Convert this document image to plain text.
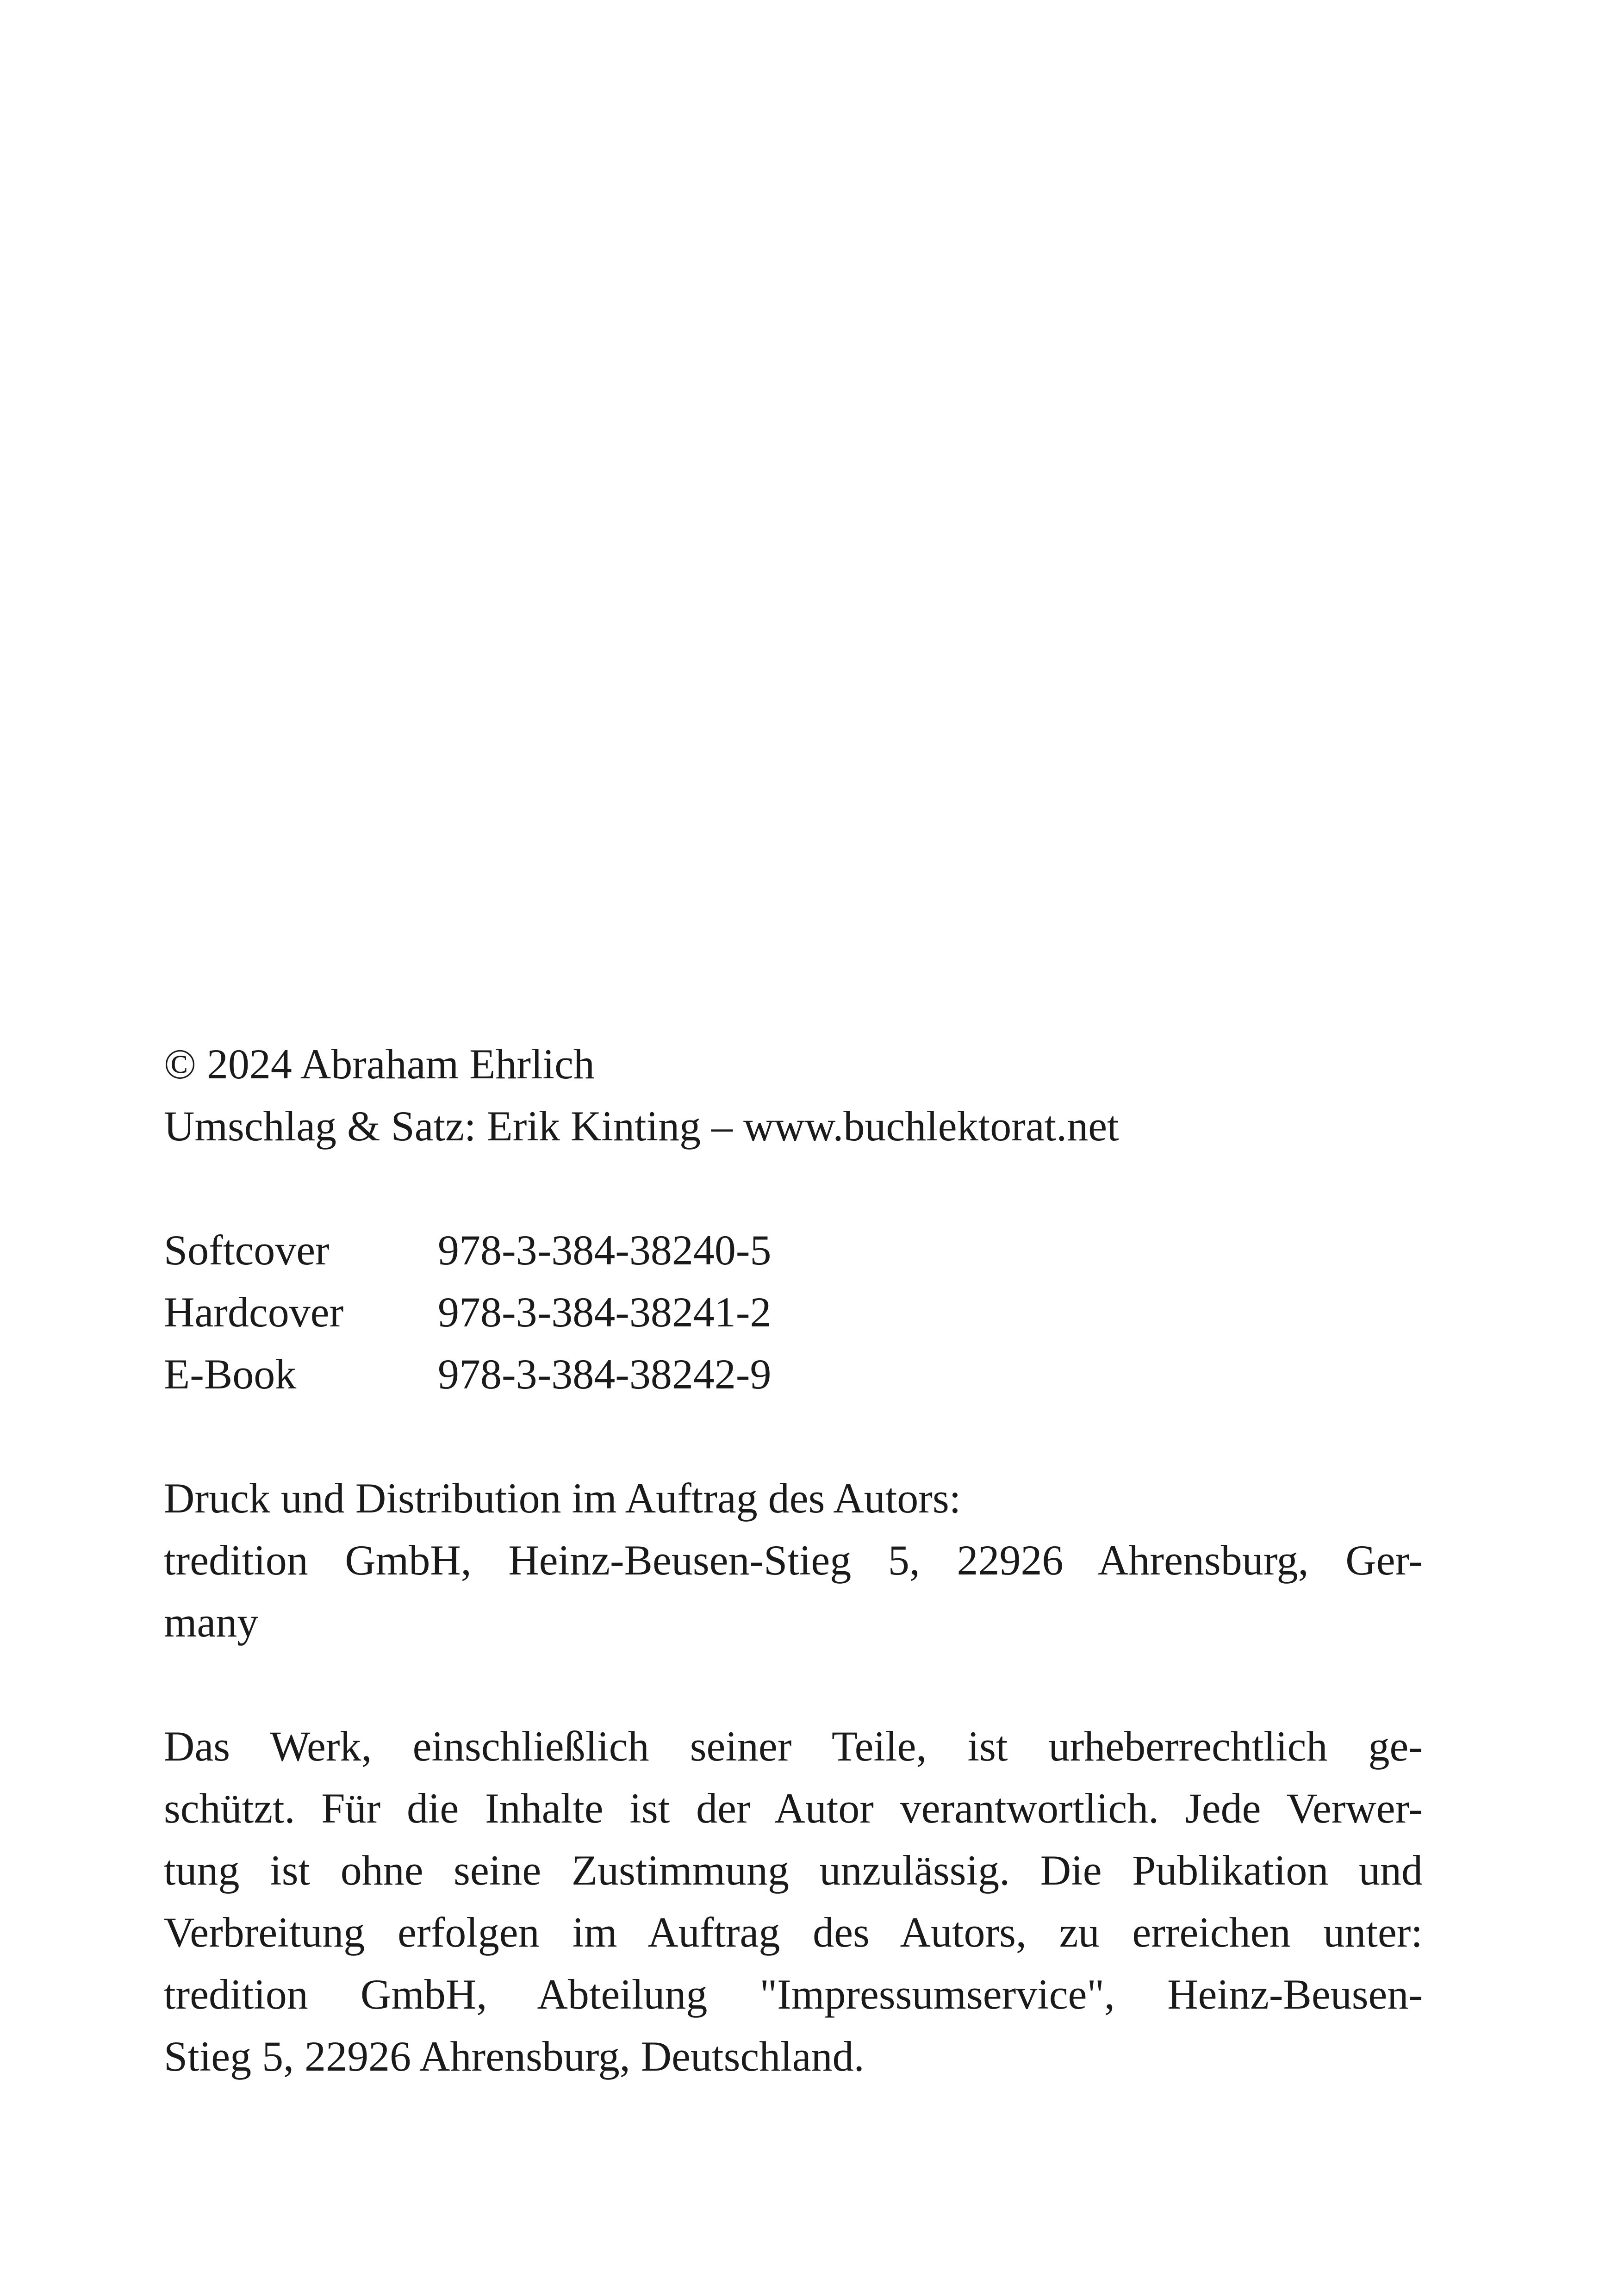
© 2024 Abraham Ehrlich
Umschlag & Satz: Erik Kinting – www.buchlektorat.net
Softcover	978-3-384-38240-5
Hardcover	978-3-384-38241-2
E-Book	978-3-384-38242-9
Druck und Distribution im Auftrag des Autors:
tredition GmbH, Heinz-Beusen-Stieg 5, 22926 Ahrensburg, Ger-
many
Das Werk, einschließlich seiner Teile, ist urheberrechtlich ge-
schützt. Für die Inhalte ist der Autor verantwortlich. Jede Verwer-
tung ist ohne seine Zustimmung unzulässig. Die Publikation und
Verbreitung erfolgen im Auftrag des Autors, zu erreichen unter:
tredition GmbH, Abteilung "Impressumservice", Heinz-Beusen-
Stieg 5, 22926 Ahrensburg, Deutschland.
